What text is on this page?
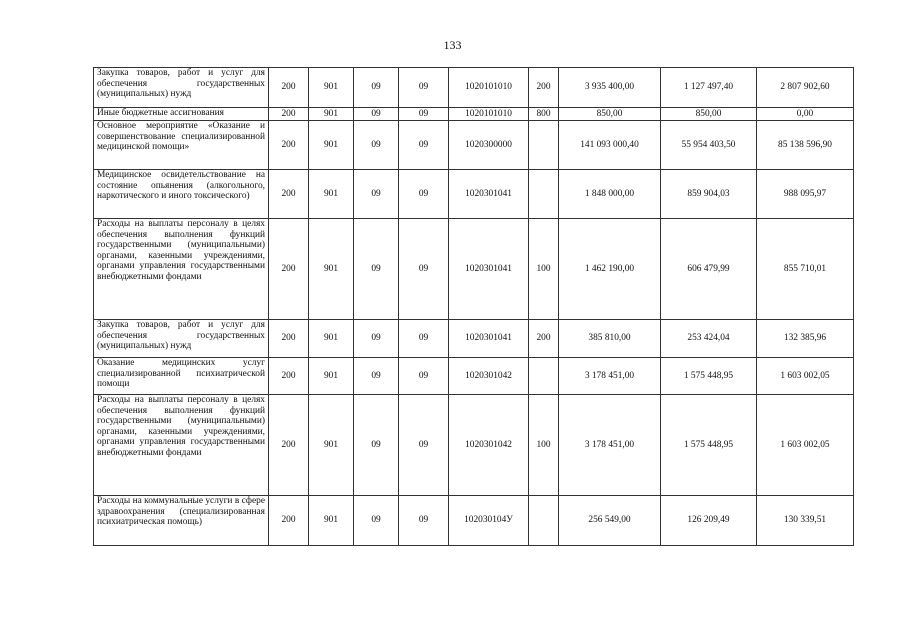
133
Закупка товаров, работ и услуг для обеспечения государственных (муниципальных) нужд	200	901	09	09	1020101010	200	3 935 400,00	1 127 497,40	2 807 902,60
Иные бюджетные ассигнования	200	901	09	09	1020101010	800	850,00	850,00	0,00
Основное мероприятие «Оказание и совершенствование специализированной медицинской помощи»	200	901	09	09	1020300000		141 093 000,40	55 954 403,50	85 138 596,90
Медицинское освидетельствование на состояние опьянения (алкогольного, наркотического и иного токсического)	200	901	09	09	1020301041		1 848 000,00	859 904,03	988 095,97
Расходы на выплаты персоналу в целях обеспечения выполнения функций государственными (муниципальными) органами, казенными учреждениями, органами управления государственными внебюджетными фондами	200	901	09	09	1020301041	100	1 462 190,00	606 479,99	855 710,01
Закупка товаров, работ и услуг для обеспечения государственных (муниципальных) нужд	200	901	09	09	1020301041	200	385 810,00	253 424,04	132 385,96
Оказание медицинских услуг специализированной психиатрической помощи	200	901	09	09	1020301042		3 178 451,00	1 575 448,95	1 603 002,05
Расходы на выплаты персоналу в целях обеспечения выполнения функций государственными (муниципальными) органами, казенными учреждениями, органами управления государственными внебюджетными фондами	200	901	09	09	1020301042	100	3 178 451,00	1 575 448,95	1 603 002,05
Расходы на коммунальные услуги в сфере здравоохранения (специализированная психиатрическая помощь)	200	901	09	09	102030104У		256 549,00	126 209,49	130 339,51
